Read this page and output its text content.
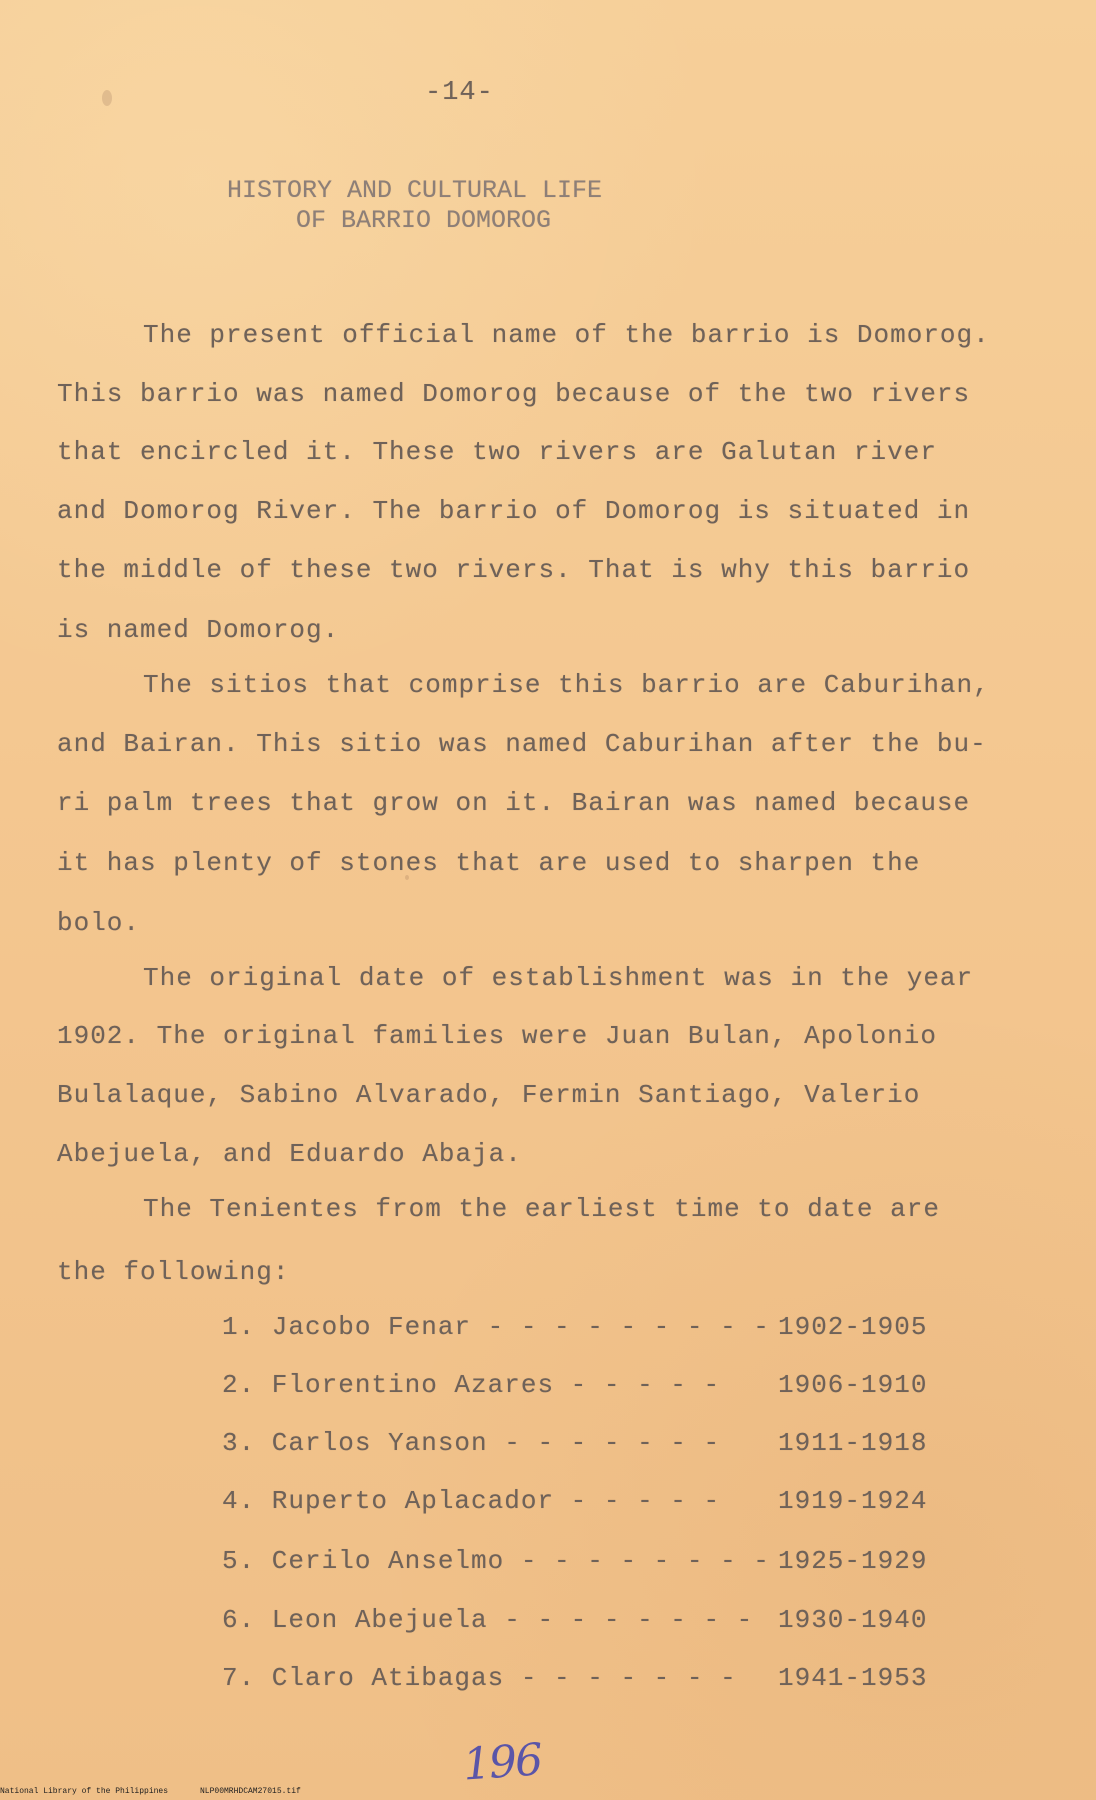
-14-
HISTORY AND CULTURAL LIFE
OF BARRIO DOMOROG
The present official name of the barrio is Domorog.
This barrio was named Domorog because of the two rivers
that encircled it. These two rivers are Galutan river
and Domorog River. The barrio of Domorog is situated in
the middle of these two rivers. That is why this barrio
is named Domorog.
The sitios that comprise this barrio are Caburihan,
and Bairan. This sitio was named Caburihan after the bu-
ri palm trees that grow on it. Bairan was named because
it has plenty of stones that are used to sharpen the
bolo.
The original date of establishment was in the year
1902. The original families were Juan Bulan, Apolonio
Bulalaque, Sabino Alvarado, Fermin Santiago, Valerio
Abejuela, and Eduardo Abaja.
The Tenientes from the earliest time to date are
the following:

1. Jacobo Fenar - - - - - - - - -

1902-1905

2. Florentino Azares - - - - -

1906-1910

3. Carlos Yanson - - - - - - -

1911-1918

4. Ruperto Aplacador - - - - -

1919-1924

5. Cerilo Anselmo - - - - - - - -

1925-1929

6. Leon Abejuela - - - - - - - -

1930-1940

7. Claro Atibagas - - - - - - -

1941-1953

196
National Library of the Philippines	NLP00MRHDCAM27015.tif
